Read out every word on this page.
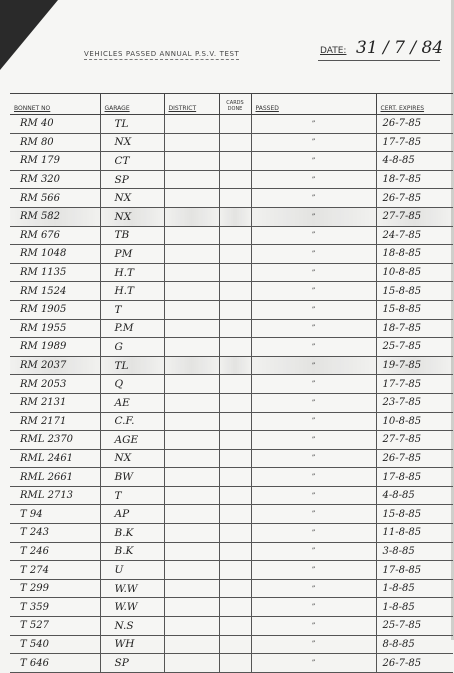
VEHICLES PASSED ANNUAL P.S.V. TEST	DATE: 31 / 7 / 84
BONNET NO	GARAGE	DISTRICT	CARDS DONE	PASSED	CERT. EXPIRES
RM 40	TL			”	26-7-85
RM 80	NX			”	17-7-85
RM 179	CT			”	4-8-85
RM 320	SP			”	18-7-85
RM 566	NX			”	26-7-85
RM 582	NX			”	27-7-85
RM 676	TB			”	24-7-85
RM 1048	PM			”	18-8-85
RM 1135	H.T			”	10-8-85
RM 1524	H.T			”	15-8-85
RM 1905	T			”	15-8-85
RM 1955	P.M			”	18-7-85
RM 1989	G			”	25-7-85
RM 2037	TL			”	19-7-85
RM 2053	Q			”	17-7-85
RM 2131	AE			”	23-7-85
RM 2171	C.F.			”	10-8-85
RML 2370	AGE			”	27-7-85
RML 2461	NX			”	26-7-85
RML 2661	BW			”	17-8-85
RML 2713	T			”	4-8-85
T 94	AP			”	15-8-85
T 243	B.K			”	11-8-85
T 246	B.K			”	3-8-85
T 274	U			”	17-8-85
T 299	W.W			”	1-8-85
T 359	W.W			”	1-8-85
T 527	N.S			”	25-7-85
T 540	WH			”	8-8-85
T 646	SP			”	26-7-85
